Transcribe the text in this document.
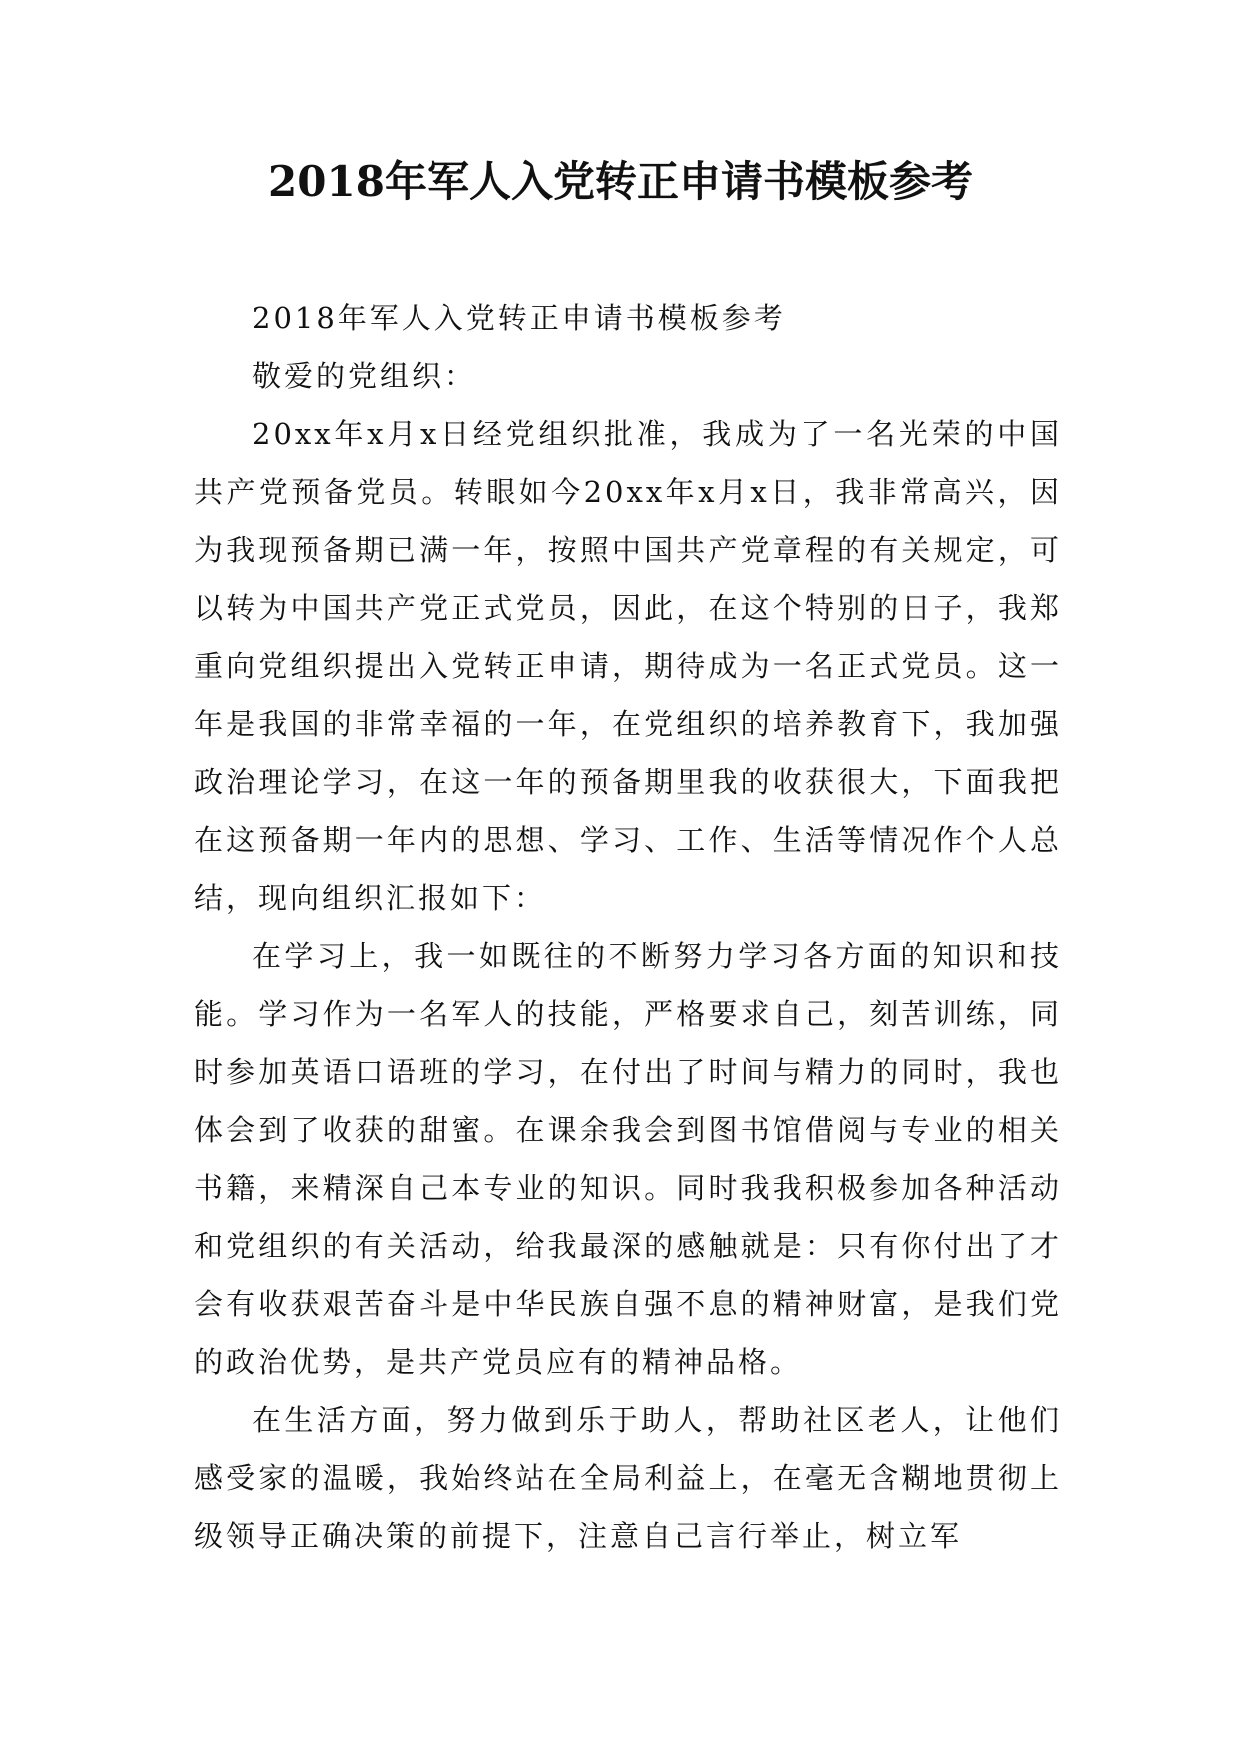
2018年军人入党转正申请书模板参考

2018年军人入党转正申请书模板参考

敬爱的党组织：

20xx年x月x日经党组织批准，我成为了一名光荣的中国共产党预备党员。转眼如今20xx年x月x日，我非常高兴，因为我现预备期已满一年，按照中国共产党章程的有关规定，可以转为中国共产党正式党员，因此，在这个特别的日子，我郑重向党组织提出入党转正申请，期待成为一名正式党员。这一年是我国的非常幸福的一年，在党组织的培养教育下，我加强政治理论学习，在这一年的预备期里我的收获很大，下面我把在这预备期一年内的思想、学习、工作、生活等情况作个人总结，现向组织汇报如下：

在学习上，我一如既往的不断努力学习各方面的知识和技能。学习作为一名军人的技能，严格要求自己，刻苦训练，同时参加英语口语班的学习，在付出了时间与精力的同时，我也体会到了收获的甜蜜。在课余我会到图书馆借阅与专业的相关书籍，来精深自己本专业的知识。同时我我积极参加各种活动和党组织的有关活动，给我最深的感触就是：只有你付出了才会有收获艰苦奋斗是中华民族自强不息的精神财富，是我们党的政治优势，是共产党员应有的精神品格。

在生活方面，努力做到乐于助人，帮助社区老人，让他们感受家的温暖，我始终站在全局利益上，在毫无含糊地贯彻上级领导正确决策的前提下，注意自己言行举止，树立军
